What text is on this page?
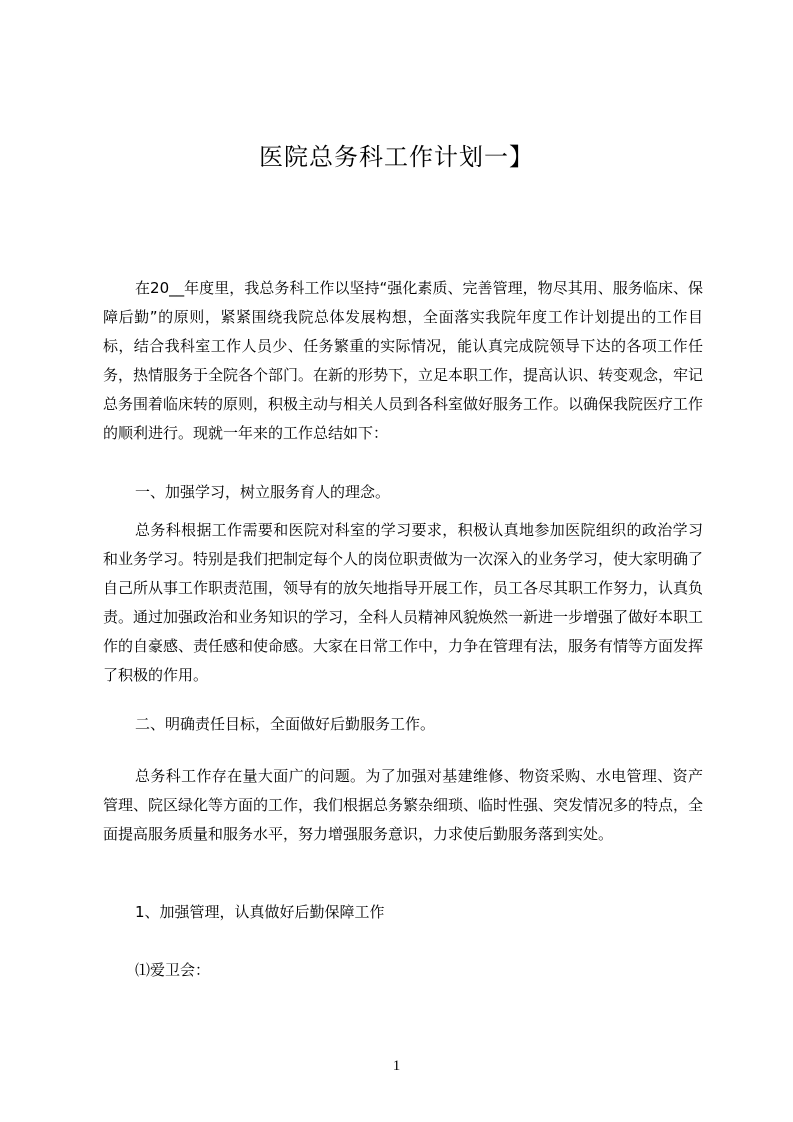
医院总务科工作计划一】

在20__年度里，我总务科工作以坚持“强化素质、完善管理，物尽其用、服务临床、保障后勤”的原则，紧紧围绕我院总体发展构想，全面落实我院年度工作计划提出的工作目标，结合我科室工作人员少、任务繁重的实际情况，能认真完成院领导下达的各项工作任务，热情服务于全院各个部门。在新的形势下，立足本职工作，提高认识、转变观念，牢记总务围着临床转的原则，积极主动与相关人员到各科室做好服务工作。以确保我院医疗工作的顺利进行。现就一年来的工作总结如下：

一、加强学习，树立服务育人的理念。

总务科根据工作需要和医院对科室的学习要求，积极认真地参加医院组织的政治学习和业务学习。特别是我们把制定每个人的岗位职责做为一次深入的业务学习，使大家明确了自己所从事工作职责范围，领导有的放矢地指导开展工作，员工各尽其职工作努力，认真负责。通过加强政治和业务知识的学习，全科人员精神风貌焕然一新进一步增强了做好本职工作的自豪感、责任感和使命感。大家在日常工作中，力争在管理有法，服务有情等方面发挥了积极的作用。

二、明确责任目标，全面做好后勤服务工作。

总务科工作存在量大面广的问题。为了加强对基建维修、物资采购、水电管理、资产管理、院区绿化等方面的工作，我们根据总务繁杂细琐、临时性强、突发情况多的特点，全面提高服务质量和服务水平，努力增强服务意识，力求使后勤服务落到实处。

1、加强管理，认真做好后勤保障工作
⑴爱卫会：
1
